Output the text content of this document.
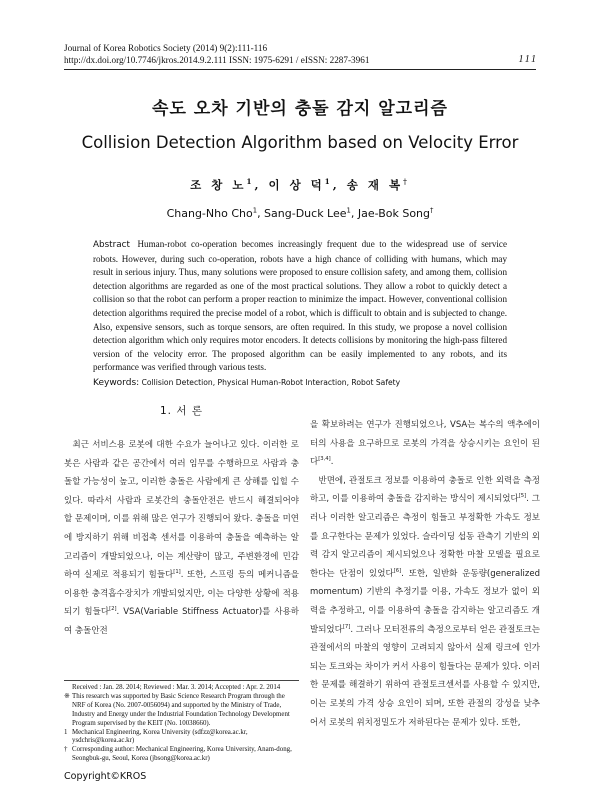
Journal of Korea Robotics Society (2014) 9(2):111-116
http://dx.doi.org/10.7746/jkros.2014.9.2.111 ISSN: 1975-6291 / eISSN: 2287-3961	111
속도 오차 기반의 충돌 감지 알고리즘
Collision Detection Algorithm based on Velocity Error
조 창 노$^1$, 이 상 덕$^1$, 송 재 복†
Chang-Nho Cho$^1$, Sang-Duck Lee$^1$, Jae-Bok Song†
Abstract Human-robot co-operation becomes increasingly frequent due to the widespread use of service robots. However, during such co-operation, robots have a high chance of colliding with humans, which may result in serious injury. Thus, many solutions were proposed to ensure collision safety, and among them, collision detection algorithms are regarded as one of the most practical solutions. They allow a robot to quickly detect a collision so that the robot can perform a proper reaction to minimize the impact. However, conventional collision detection algorithms required the precise model of a robot, which is difficult to obtain and is subjected to change. Also, expensive sensors, such as torque sensors, are often required. In this study, we propose a novel collision detection algorithm which only requires motor encoders. It detects collisions by monitoring the high-pass filtered version of the velocity error. The proposed algorithm can be easily implemented to any robots, and its performance was verified through various tests.
Keywords: Collision Detection, Physical Human-Robot Interaction, Robot Safety
1. 서 론

최근 서비스용 로봇에 대한 수요가 늘어나고 있다. 이러한 로봇은 사람과 같은 공간에서 여러 임무를 수행하므로 사람과 충돌할 가능성이 높고, 이러한 충돌은 사람에게 큰 상해를 입힐 수 있다. 따라서 사람과 로봇간의 충돌안전은 반드시 해결되어야 할 문제이며, 이를 위해 많은 연구가 진행되어 왔다. 충돌을 미연에 방지하기 위해 비접촉 센서를 이용하여 충돌을 예측하는 알고리즘이 개발되었으나, 이는 계산량이 많고, 주변환경에 민감하여 실제로 적용되기 힘들다[1]. 또한, 스프링 등의 메커니즘을 이용한 충격흡수장치가 개발되었지만, 이는 다양한 상황에 적용되기 힘들다[2]. VSA(Variable Stiffness Actuator)를 사용하여 충돌안전

을 확보하려는 연구가 진행되었으나, VSA는 복수의 액추에이터의 사용을 요구하므로 로봇의 가격을 상승시키는 요인이 된다[3,4].

반면에, 관절토크 정보를 이용하여 충돌로 인한 외력을 측정하고, 이를 이용하여 충돌을 감지하는 방식이 제시되었다[5]. 그러나 이러한 알고리즘은 측정이 힘들고 부정확한 가속도 정보를 요구한다는 문제가 있었다. 슬라이딩 섭동 관측기 기반의 외력 감지 알고리즘이 제시되었으나 정확한 마찰 모델을 필요로 한다는 단점이 있었다[6]. 또한, 일반화 운동량(generalized momentum) 기반의 추정기를 이용, 가속도 정보가 없이 외력을 추정하고, 이를 이용하여 충돌을 감지하는 알고리즘도 개발되었다[7]. 그러나 모터전류의 측정으로부터 얻은 관절토크는 관절에서의 마찰의 영향이 고려되지 않아서 실제 링크에 인가되는 토크와는 차이가 커서 사용이 힘들다는 문제가 있다. 이러한 문제를 해결하기 위하여 관절토크센서를 사용할 수 있지만, 이는 로봇의 가격 상승 요인이 되며, 또한 관절의 강성을 낮추어서 로봇의 위치정밀도가 저하된다는 문제가 있다. 또한,

Received : Jan. 28. 2014; Reviewed : Mar. 3. 2014; Accepted : Apr. 2. 2014
※ This research was supported by Basic Science Research Program through the NRF of Korea (No. 2007-0056094) and supported by the Ministry of Trade, Industry and Energy under the Industrial Foundation Technology Development Program supervised by the KEIT (No. 10038660).
1 Mechanical Engineering, Korea University (sdfzz@korea.ac.kr, ysdchris@korea.ac.kr)
† Corresponding author: Mechanical Engineering, Korea University, Anam-dong, Seongbuk-gu, Seoul, Korea (jbsong@korea.ac.kr)
Copyright©KROS
